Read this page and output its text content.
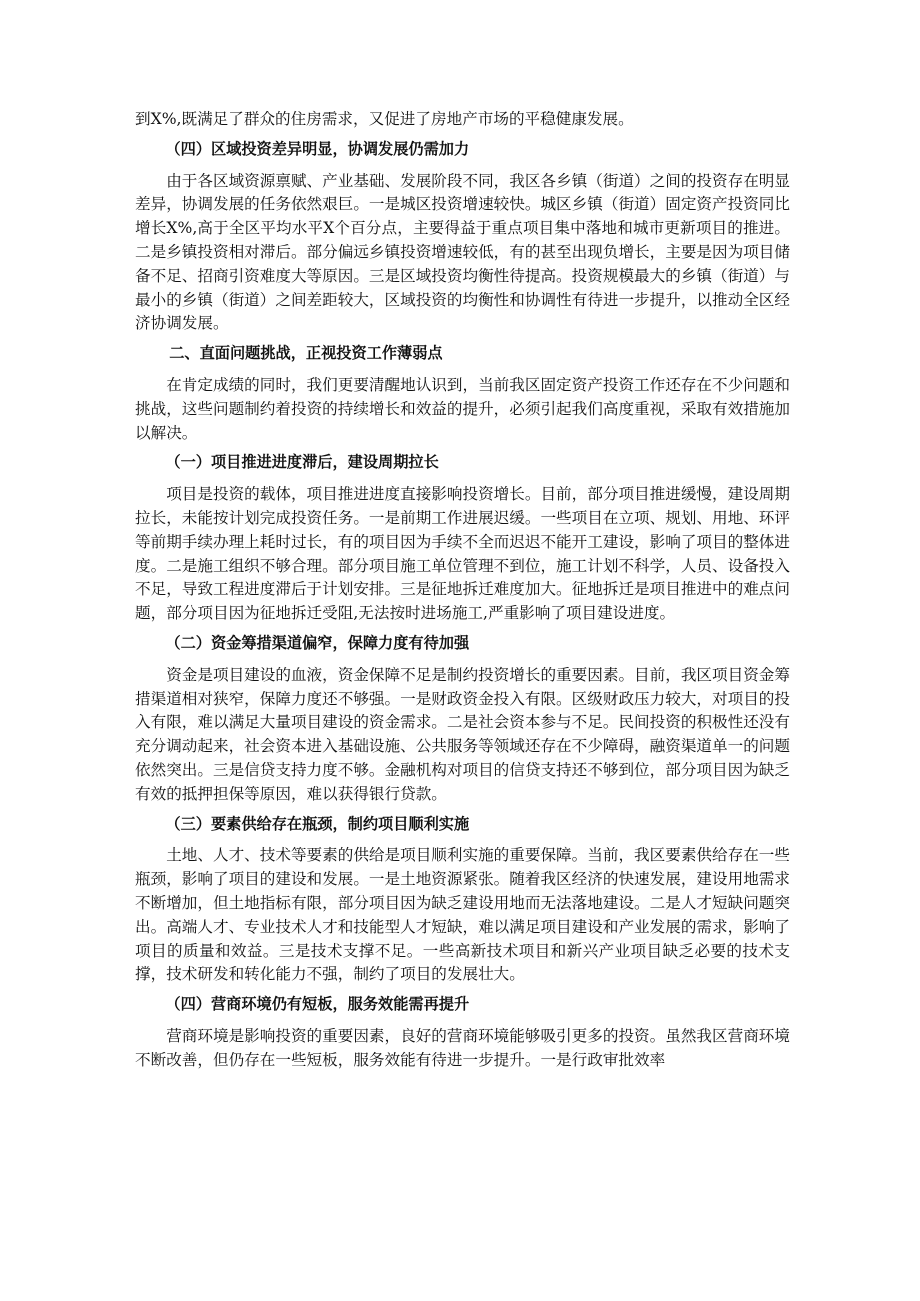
到X%,既满足了群众的住房需求，又促进了房地产市场的平稳健康发展。

（四）区域投资差异明显，协调发展仍需加力

由于各区域资源禀赋、产业基础、发展阶段不同，我区各乡镇（街道）之间的投资存在明显差异，协调发展的任务依然艰巨。一是城区投资增速较快。城区乡镇（街道）固定资产投资同比增长X%,高于全区平均水平X个百分点，主要得益于重点项目集中落地和城市更新项目的推进。二是乡镇投资相对滞后。部分偏远乡镇投资增速较低，有的甚至出现负增长，主要是因为项目储备不足、招商引资难度大等原因。三是区域投资均衡性待提高。投资规模最大的乡镇（街道）与最小的乡镇（街道）之间差距较大，区域投资的均衡性和协调性有待进一步提升，以推动全区经济协调发展。

二、直面问题挑战，正视投资工作薄弱点

在肯定成绩的同时，我们更要清醒地认识到，当前我区固定资产投资工作还存在不少问题和挑战，这些问题制约着投资的持续增长和效益的提升，必须引起我们高度重视，采取有效措施加以解决。

（一）项目推进进度滞后，建设周期拉长

项目是投资的载体，项目推进进度直接影响投资增长。目前，部分项目推进缓慢，建设周期拉长，未能按计划完成投资任务。一是前期工作进展迟缓。一些项目在立项、规划、用地、环评等前期手续办理上耗时过长，有的项目因为手续不全而迟迟不能开工建设，影响了项目的整体进度。二是施工组织不够合理。部分项目施工单位管理不到位，施工计划不科学，人员、设备投入不足，导致工程进度滞后于计划安排。三是征地拆迁难度加大。征地拆迁是项目推进中的难点问题，部分项目因为征地拆迁受阻,无法按时进场施工,严重影响了项目建设进度。

（二）资金筹措渠道偏窄，保障力度有待加强

资金是项目建设的血液，资金保障不足是制约投资增长的重要因素。目前，我区项目资金筹措渠道相对狭窄，保障力度还不够强。一是财政资金投入有限。区级财政压力较大，对项目的投入有限，难以满足大量项目建设的资金需求。二是社会资本参与不足。民间投资的积极性还没有充分调动起来，社会资本进入基础设施、公共服务等领域还存在不少障碍，融资渠道单一的问题依然突出。三是信贷支持力度不够。金融机构对项目的信贷支持还不够到位，部分项目因为缺乏有效的抵押担保等原因，难以获得银行贷款。

（三）要素供给存在瓶颈，制约项目顺利实施

土地、人才、技术等要素的供给是项目顺利实施的重要保障。当前，我区要素供给存在一些瓶颈，影响了项目的建设和发展。一是土地资源紧张。随着我区经济的快速发展，建设用地需求不断增加，但土地指标有限，部分项目因为缺乏建设用地而无法落地建设。二是人才短缺问题突出。高端人才、专业技术人才和技能型人才短缺，难以满足项目建设和产业发展的需求，影响了项目的质量和效益。三是技术支撑不足。一些高新技术项目和新兴产业项目缺乏必要的技术支撑，技术研发和转化能力不强，制约了项目的发展壮大。

（四）营商环境仍有短板，服务效能需再提升

营商环境是影响投资的重要因素，良好的营商环境能够吸引更多的投资。虽然我区营商环境不断改善，但仍存在一些短板，服务效能有待进一步提升。一是行政审批效率
